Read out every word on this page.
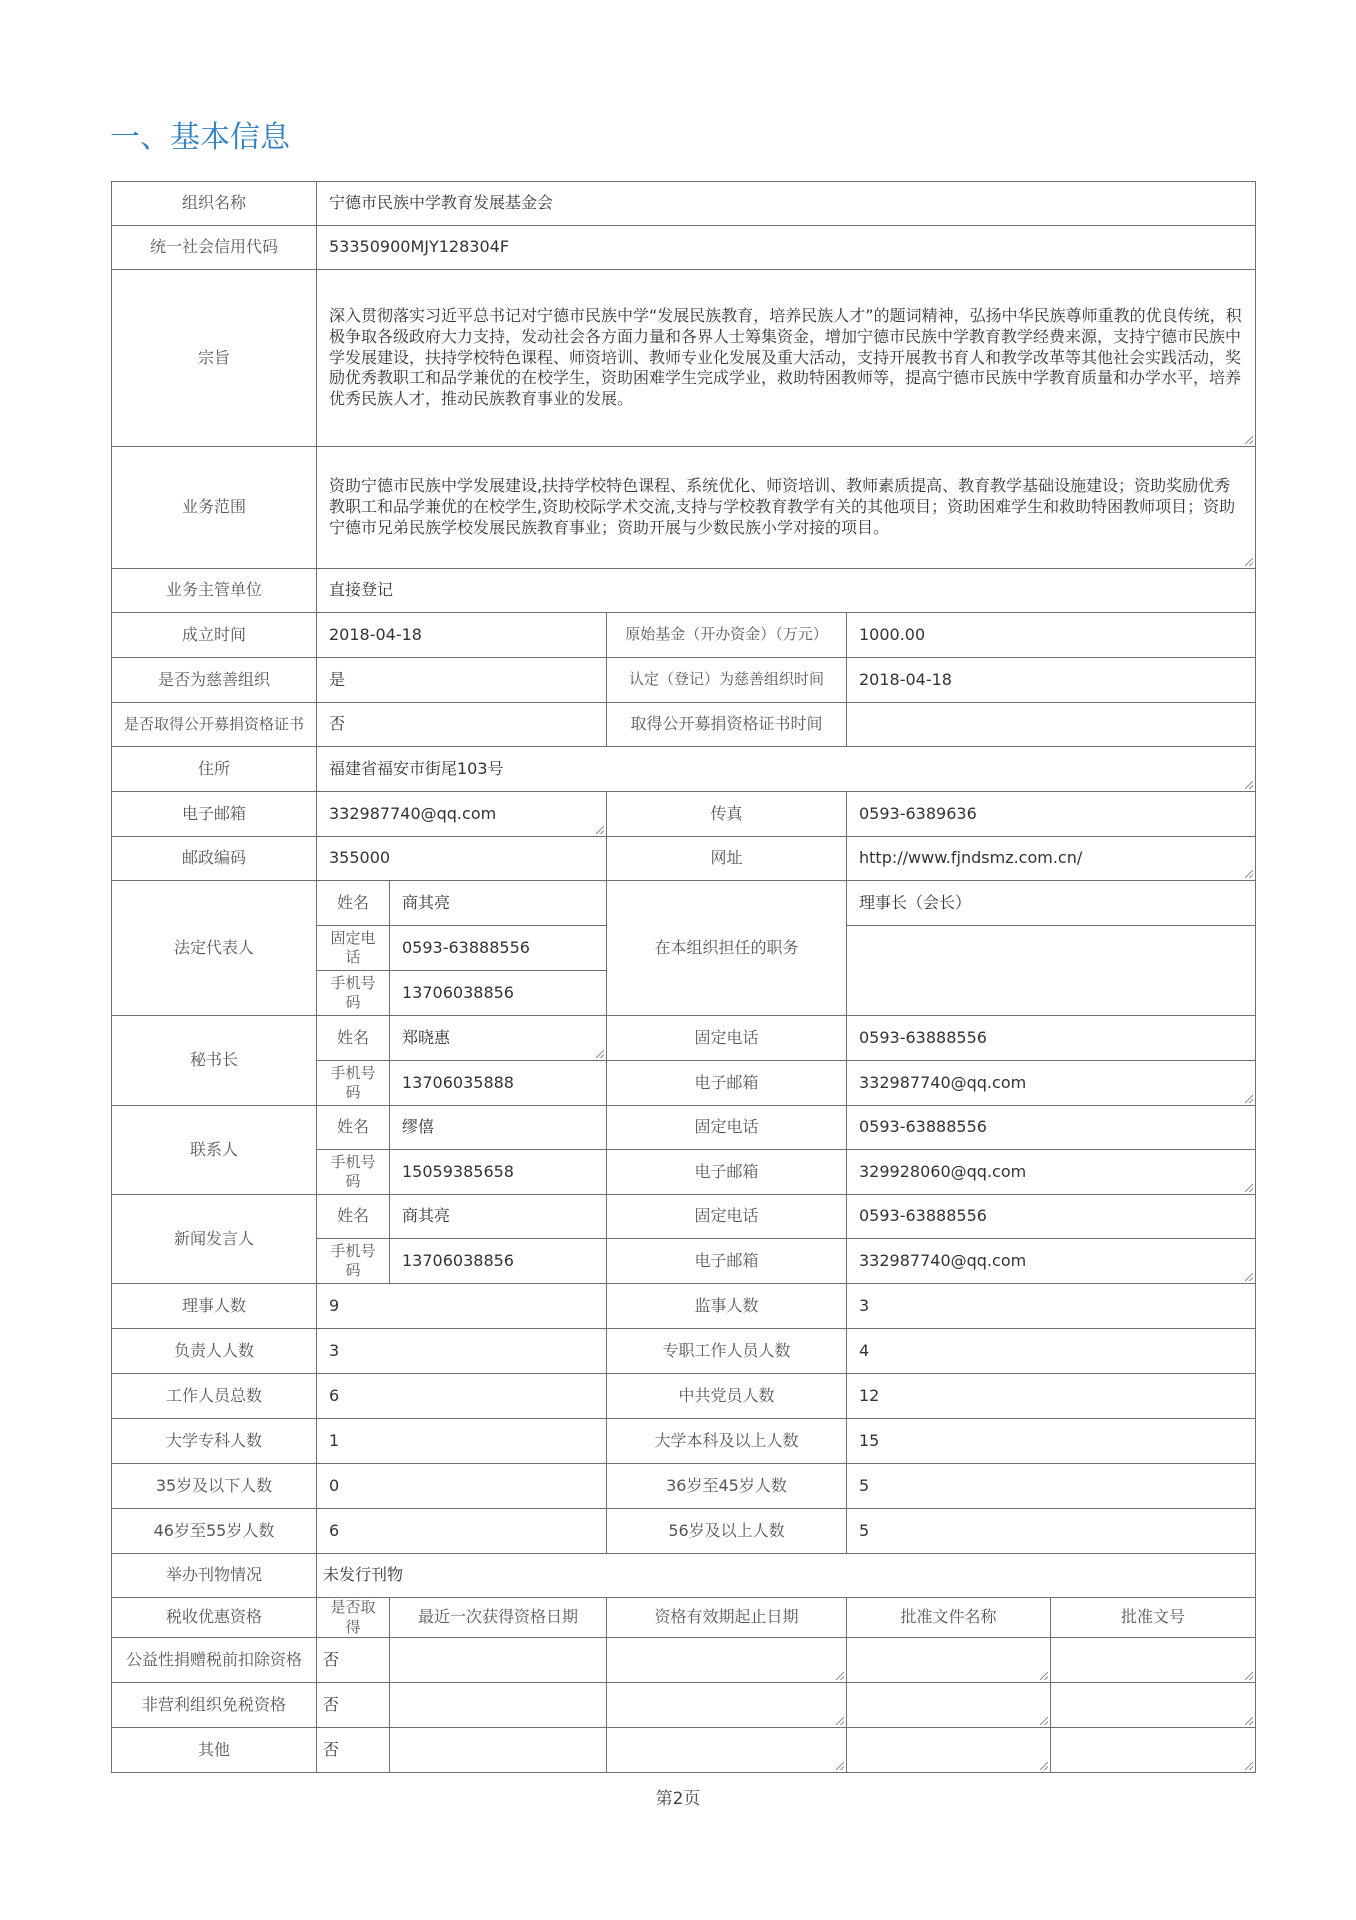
一、基本信息
组织名称	宁德市民族中学教育发展基金会				
统一社会信用代码	53350900MJY128304F				
宗旨	深入贯彻落实习近平总书记对宁德市民族中学“发展民族教育，培养民族人才”的题词精神，弘扬中华民族尊师重教的优良传统，积极争取各级政府大力支持，发动社会各方面力量和各界人士筹集资金，增加宁德市民族中学教育教学经费来源，支持宁德市民族中学发展建设，扶持学校特色课程、师资培训、教师专业化发展及重大活动，支持开展教书育人和教学改革等其他社会实践活动，奖励优秀教职工和品学兼优的在校学生，资助困难学生完成学业，救助特困教师等，提高宁德市民族中学教育质量和办学水平，培养优秀民族人才，推动民族教育事业的发展。				
业务范围	资助宁德市民族中学发展建设,扶持学校特色课程、系统优化、师资培训、教师素质提高、教育教学基础设施建设；资助奖励优秀教职工和品学兼优的在校学生,资助校际学术交流,支持与学校教育教学有关的其他项目；资助困难学生和救助特困教师项目；资助宁德市兄弟民族学校发展民族教育事业；资助开展与少数民族小学对接的项目。				
业务主管单位	直接登记				
成立时间	2018-04-18		原始基金（开办资金）（万元）	1000.00	
是否为慈善组织	是		认定（登记）为慈善组织时间	2018-04-18	
是否取得公开募捐资格证书	否		取得公开募捐资格证书时间		
住所	福建省福安市街尾103号				
电子邮箱	332987740@qq.com		传真	0593-6389636	
邮政编码	355000		网址	http://www.fjndsmz.com.cn/	
法定代表人	姓名	商其亮	在本组织担任的职务	理事长（会长）	
	固定电话	0593-63888556			
	手机号码	13706038856			
秘书长	姓名	郑晓惠	固定电话	0593-63888556	
	手机号码	13706035888	电子邮箱	332987740@qq.com	
联系人	姓名	缪僖	固定电话	0593-63888556	
	手机号码	15059385658	电子邮箱	329928060@qq.com	
新闻发言人	姓名	商其亮	固定电话	0593-63888556	
	手机号码	13706038856	电子邮箱	332987740@qq.com	
理事人数	9		监事人数	3	
负责人人数	3		专职工作人员人数	4	
工作人员总数	6		中共党员人数	12	
大学专科人数	1		大学本科及以上人数	15	
35岁及以下人数	0		36岁至45岁人数	5	
46岁至55岁人数	6		56岁及以上人数	5	
举办刊物情况	未发行刊物				
税收优惠资格	是否取得	最近一次获得资格日期	资格有效期起止日期	批准文件名称	批准文号
公益性捐赠税前扣除资格	否				
非营利组织免税资格	否				
其他	否				
第2页
